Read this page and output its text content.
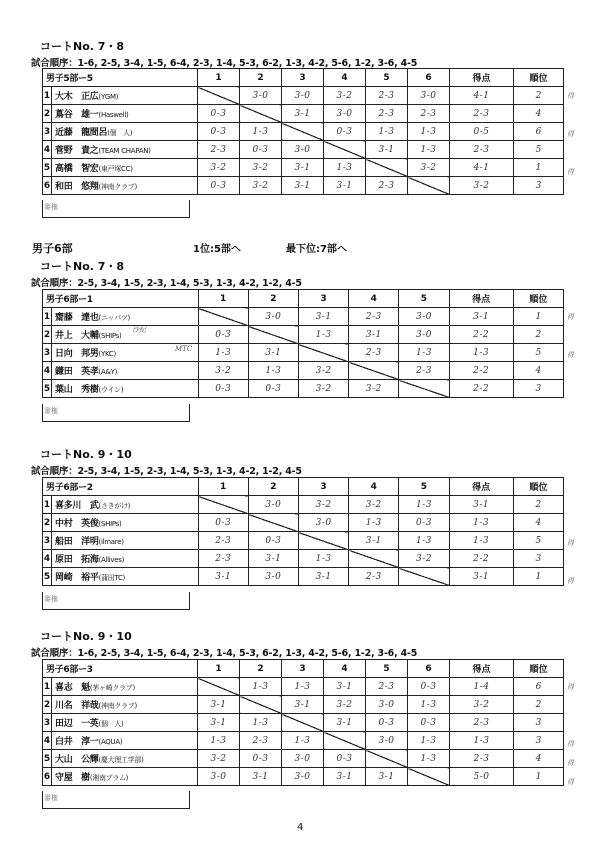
コートNo. 7・8
試合順序：1-6, 2-5, 3-4, 1-5, 6-4, 2-3, 1-4, 5-3, 6-2, 1-3, 4-2, 5-6, 1-2, 3-6, 4-5
男子5部ー5		1	2	3	4	5	6	得点	順位
1	大木　正広(YGM)		3-0	3-0	3-2	2-3	3-0	4-1	2
2	蔦谷　雄一(Haswell)	0-3		3-1	3-0	2-3	2-3	2-3	4
3	近藤　龍間呂(個　人)	0-3	1-3		0-3	1-3	1-3	0-5	6
4	菅野　貴之(TEAM CHAPAN)	2-3	0-3	3-0		3-1	1-3	2-3	5
5	高橋　智宏(東戸塚CC)	3-2	3-2	3-1	1-3		3-2	4-1	1
6	和田　悠翔(神南クラブ)	0-3	3-2	3-1	3-1	2-3		3-2	3
審権
男子6部	1位:5部へ	最下位:7部へ
コートNo. 7・8
試合順序：2-5, 3-4, 1-5, 2-3, 1-4, 5-3, 1-3, 4-2, 1-2, 4-5
男子6部ー1		1	2	3	4	5	得点	順位
1	齋藤　達也(ニッパツ)		3-0	3-1	2-3	3-0	3-1	1
2	井上　大輔(SHIPs)	0-3		1-3	3-1	3-0	2-2	2
3	日向　邦男(YKC)	1-3	3-1		2-3	1-3	1-3	5
4	鎌田　英孝(A&Y)	3-2	1-3	3-2		2-3	2-2	4
5	葉山　秀樹(ウイン)	0-3	0-3	3-2	3-2		2-2	3
審権
沙紀
MTC
コートNo. 9・10
試合順序：2-5, 3-4, 1-5, 2-3, 1-4, 5-3, 1-3, 4-2, 1-2, 4-5
男子6部ー2		1	2	3	4	5	得点	順位
1	喜多川　武(さきがけ)		3-0	3-2	3-2	1-3	3-1	2
2	中村　英俊(SHIPs)	0-3		3-0	1-3	0-3	1-3	4
3	船田　洋明(ilmare)	2-3	0-3		3-1	1-3	1-3	5
4	原田　拓海(Allives)	2-3	3-1	1-3		3-2	2-2	3
5	岡崎　裕平(蒲田TC)	3-1	3-0	3-1	2-3		3-1	1
審権
コートNo. 9・10
試合順序：1-6, 2-5, 3-4, 1-5, 6-4, 2-3, 1-4, 5-3, 6-2, 1-3, 4-2, 5-6, 1-2, 3-6, 4-5
男子6部ー3		1	2	3	4	5	6	得点	順位
1	喜志　魁(茅ヶ崎クラブ)		1-3	1-3	3-1	2-3	0-3	1-4	6
2	川名　祥哉(神南クラブ)	3-1		3-1	3-2	3-0	1-3	3-2	2
3	田辺　一英(個　人)	3-1	1-3		3-1	0-3	0-3	2-3	3
4	白井　淳一(AQUA)	1-3	2-3	1-3		3-0	1-3	1-3	3
5	大山　公輝(慶大理工学部)	3-2	0-3	3-0	0-3		1-3	2-3	4
6	守屋　樹(湘南プラム)	3-0	3-1	3-0	3-1	3-1		5-0	1
審権
4
得
得
得
得
得
得
得
得
得
得
得
